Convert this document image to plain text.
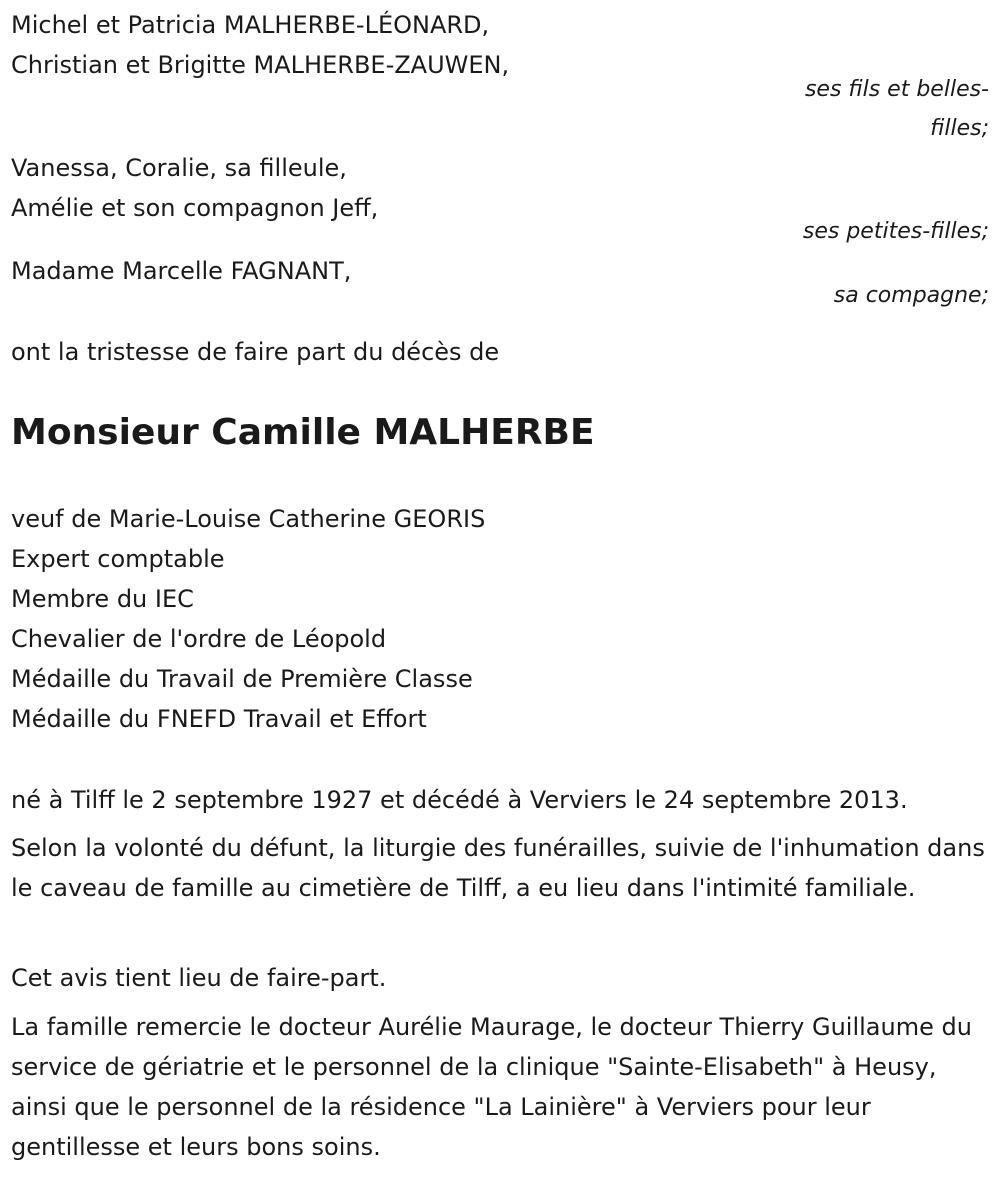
Michel et Patricia MALHERBE-LÉONARD,
Christian et Brigitte MALHERBE-ZAUWEN,
ses fils et belles-
filles;
Vanessa, Coralie, sa filleule,
Amélie et son compagnon Jeff,
ses petites-filles;
Madame Marcelle FAGNANT,
sa compagne;
ont la tristesse de faire part du décès de
Monsieur Camille MALHERBE
veuf de Marie-Louise Catherine GEORIS
Expert comptable
Membre du IEC
Chevalier de l'ordre de Léopold
Médaille du Travail de Première Classe
Médaille du FNEFD Travail et Effort
né à Tilff le 2 septembre 1927 et décédé à Verviers le 24 septembre 2013.
Selon la volonté du défunt, la liturgie des funérailles, suivie de l'inhumation dans le caveau de famille au cimetière de Tilff, a eu lieu dans l'intimité familiale.
Cet avis tient lieu de faire-part.
La famille remercie le docteur Aurélie Maurage, le docteur Thierry Guillaume du service de gériatrie et le personnel de la clinique "Sainte-Elisabeth" à Heusy, ainsi que le personnel de la résidence "La Lainière" à Verviers pour leur gentillesse et leurs bons soins.
